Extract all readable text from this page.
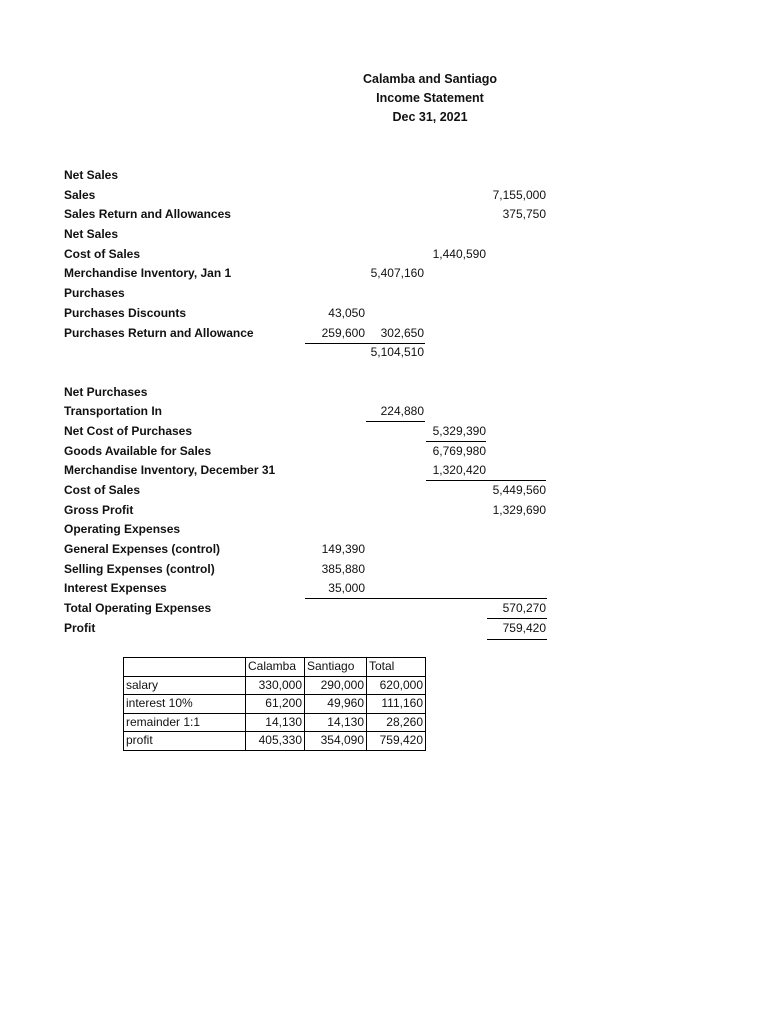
Calamba and Santiago
Income Statement
Dec 31, 2021
Net Sales
Sales	7,155,000
Sales Return and Allowances	375,750
Net Sales
Cost of Sales	1,440,590
Merchandise Inventory, Jan 1	5,407,160
Purchases
Purchases Discounts	43,050
Purchases Return and Allowance	259,600 302,650
5,104,510
Net Purchases
Transportation In	224,880
Net Cost of Purchases	5,329,390
Goods Available for Sales	6,769,980
Merchandise Inventory, December 31	1,320,420
Cost of Sales	5,449,560
Gross Profit	1,329,690
Operating Expenses
General Expenses (control)	149,390
Selling Expenses (control)	385,880
Interest Expenses	35,000
Total Operating Expenses	570,270
Profit	759,420
	Calamba	Santiago	Total
salary	330,000	290,000	620,000
interest 10%	61,200	49,960	111,160
remainder 1:1	14,130	14,130	28,260
profit	405,330	354,090	759,420
